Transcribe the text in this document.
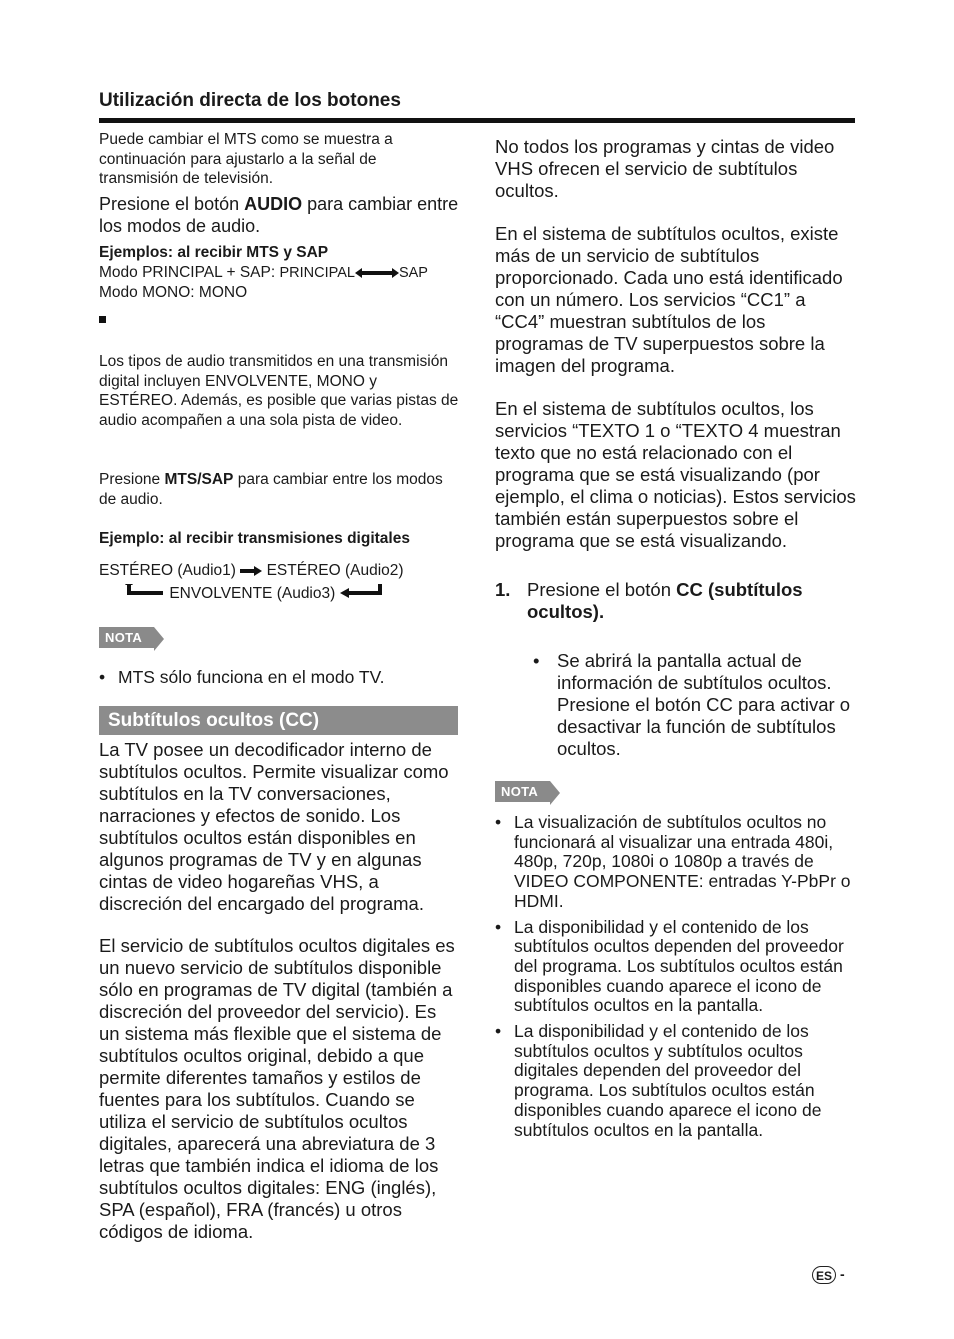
Utilización directa de los botones

Puede cambiar el MTS como se muestra a continuación para ajustarlo a la señal de transmisión de televisión.

Presione el botón AUDIO para cambiar entre los modos de audio.

Ejemplos: al recibir MTS y SAP

Modo PRINCIPAL + SAP: PRINCIPAL	SAP

Modo MONO: MONO

Los tipos de audio transmitidos en una transmisión digital incluyen ENVOLVENTE, MONO y ESTÉREO. Además, es posible que varias pistas de audio acompañen a una sola pista de video.

Presione MTS/SAP para cambiar entre los modos de audio.

Ejemplo: al recibir transmisiones digitales

ESTÉREO (Audio1) ESTÉREO (Audio2)
ENVOLVENTE (Audio3)
NOTA

• MTS sólo funciona en el modo TV.

Subtítulos ocultos (CC)

La TV posee un decodificador interno de subtítulos ocultos. Permite visualizar como subtítulos en la TV conversaciones, narraciones y efectos de sonido. Los subtítulos ocultos están disponibles en algunos programas de TV y en algunas cintas de video hogareñas VHS, a discreción del encargado del programa.

El servicio de subtítulos ocultos digitales es un nuevo servicio de subtítulos disponible sólo en programas de TV digital (también a discreción del proveedor del servicio). Es un sistema más flexible que el sistema de subtítulos ocultos original, debido a que permite diferentes tamaños y estilos de fuentes para los subtítulos. Cuando se utiliza el servicio de subtítulos ocultos digitales, aparecerá una abreviatura de 3 letras que también indica el idioma de los subtítulos ocultos digitales: ENG (inglés), SPA (español), FRA (francés) u otros códigos de idioma.

No todos los programas y cintas de video VHS ofrecen el servicio de subtítulos ocultos.

En el sistema de subtítulos ocultos, existe más de un servicio de subtítulos proporcionado. Cada uno está identificado con un número. Los servicios “CC1” a “CC4” muestran subtítulos de los programas de TV superpuestos sobre la imagen del programa.

En el sistema de subtítulos ocultos, los servicios “TEXTO 1 o “TEXTO 4 muestran texto que no está relacionado con el programa que se está visualizando (por ejemplo, el clima o noticias). Estos servicios también están superpuestos sobre el programa que se está visualizando.

1. Presione el botón CC (subtítulos ocultos).

• Se abrirá la pantalla actual de información de subtítulos ocultos. Presione el botón CC para activar o desactivar la función de subtítulos ocultos.

NOTA

• La visualización de subtítulos ocultos no funcionará al visualizar una entrada 480i, 480p, 720p, 1080i o 1080p a través de VIDEO COMPONENTE: entradas Y-PbPr o HDMI.

• La disponibilidad y el contenido de los subtítulos ocultos dependen del proveedor del programa. Los subtítulos ocultos están disponibles cuando aparece el icono de subtítulos ocultos en la pantalla.

• La disponibilidad y el contenido de los subtítulos ocultos y subtítulos ocultos digitales dependen del proveedor del programa. Los subtítulos ocultos están disponibles cuando aparece el icono de subtítulos ocultos en la pantalla.

ES -
